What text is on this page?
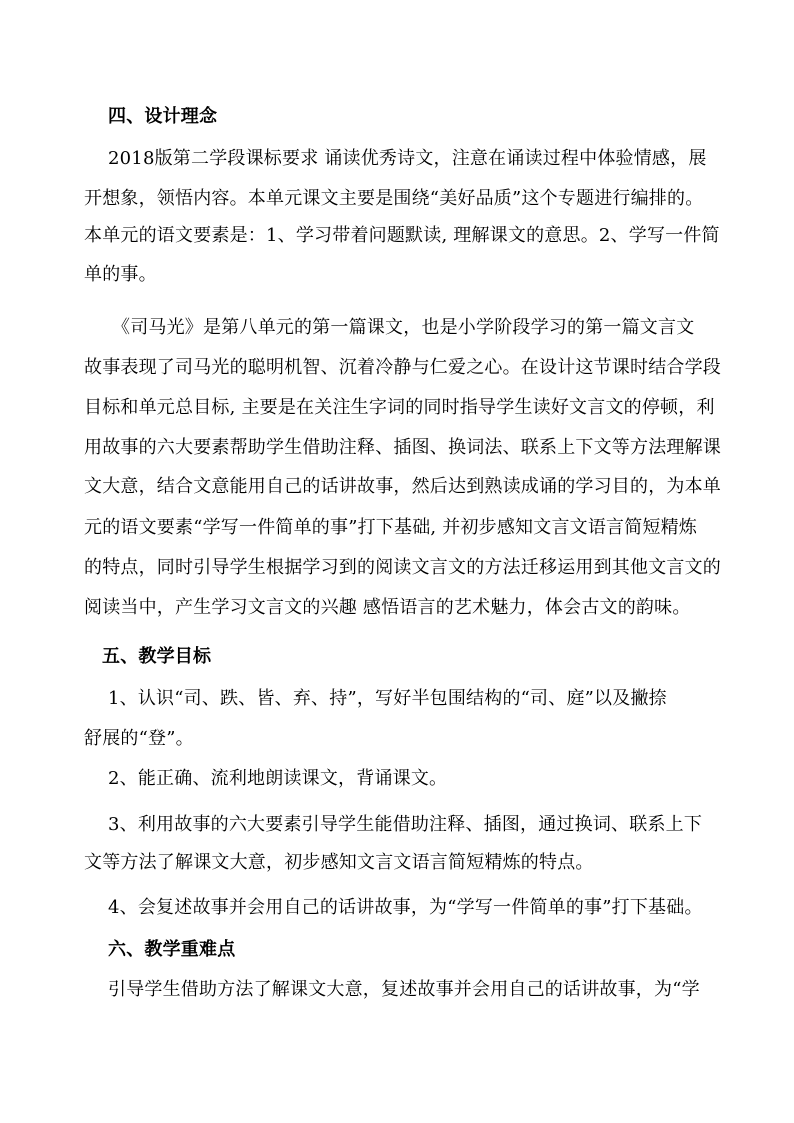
四、设计理念

2018版第二学段课标要求 诵读优秀诗文，注意在诵读过程中体验情感，展

开想象，领悟内容。本单元课文主要是围绕“美好品质”这个专题进行编排的。

本单元的语文要素是：1、学习带着问题默读, 理解课文的意思。2、学写一件简

单的事。

《司马光》是第八单元的第一篇课文，也是小学阶段学习的第一篇文言文

故事表现了司马光的聪明机智、沉着冷静与仁爱之心。在设计这节课时结合学段

目标和单元总目标, 主要是在关注生字词的同时指导学生读好文言文的停顿，利

用故事的六大要素帮助学生借助注释、插图、换词法、联系上下文等方法理解课

文大意，结合文意能用自己的话讲故事，然后达到熟读成诵的学习目的，为本单

元的语文要素“学写一件简单的事”打下基础, 并初步感知文言文语言简短精炼

的特点，同时引导学生根据学习到的阅读文言文的方法迁移运用到其他文言文的

阅读当中，产生学习文言文的兴趣 感悟语言的艺术魅力，体会古文的韵味。

五、教学目标

1、认识“司、跌、皆、弃、持”，写好半包围结构的“司、庭”以及撇捺

舒展的“登”。

2、能正确、流利地朗读课文，背诵课文。

3、利用故事的六大要素引导学生能借助注释、插图，通过换词、联系上下

文等方法了解课文大意，初步感知文言文语言简短精炼的特点。

4、会复述故事并会用自己的话讲故事，为“学写一件简单的事”打下基础。

六、教学重难点

引导学生借助方法了解课文大意，复述故事并会用自己的话讲故事，为“学
